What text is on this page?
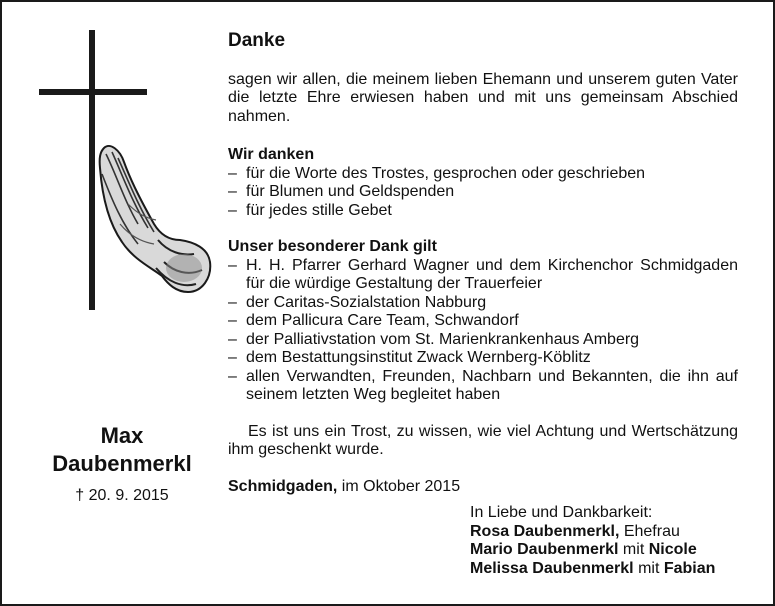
Max
Daubenmerkl
† 20. 9. 2015
Danke

sagen wir allen, die meinem lieben Ehemann und unserem guten Vater die letzte Ehre erwiesen haben und mit uns gemeinsam Abschied nahmen.

Wir danken
– für die Worte des Trostes, gesprochen oder geschrieben
– für Blumen und Geldspenden
– für jedes stille Gebet
Unser besonderer Dank gilt
– H. H. Pfarrer Gerhard Wagner und dem Kirchenchor Schmidgaden für die würdige Gestaltung der Trauerfeier
– der Caritas-Sozialstation Nabburg
– dem Pallicura Care Team, Schwandorf
– der Palliativstation vom St. Marienkrankenhaus Amberg
– dem Bestattungsinstitut Zwack Wernberg-Köblitz
– allen Verwandten, Freunden, Nachbarn und Bekannten, die ihn auf seinem letzten Weg begleitet haben

Es ist uns ein Trost, zu wissen, wie viel Achtung und Wertschätzung ihm geschenkt wurde.

Schmidgaden, im Oktober 2015
In Liebe und Dankbarkeit:
Rosa Daubenmerkl, Ehefrau
Mario Daubenmerkl mit Nicole
Melissa Daubenmerkl mit Fabian
